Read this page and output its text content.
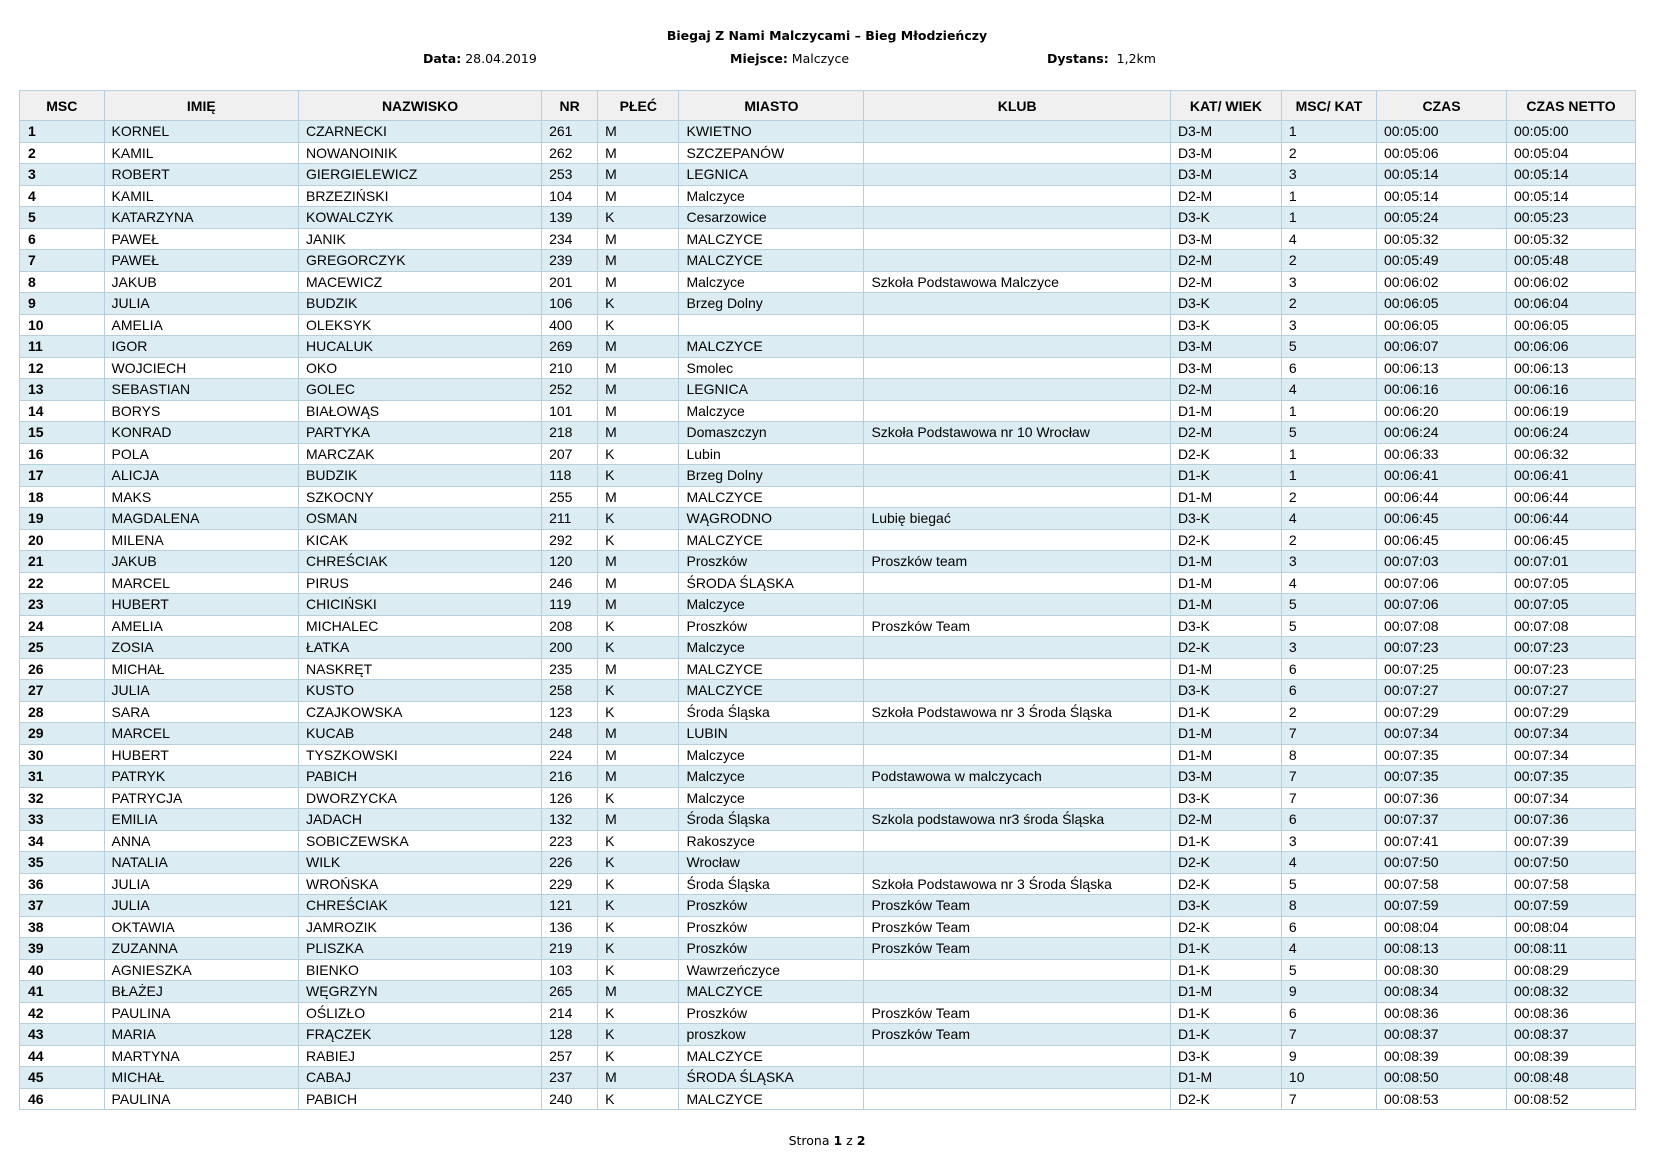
Biegaj Z Nami Malczycami – Bieg Młodzieńczy
Data: 28.04.2019	Miejsce: Malczyce	Dystans: 1,2km
MSC	IMIĘ	NAZWISKO	NR	PŁEĆ	MIASTO	KLUB	KAT/ WIEK	MSC/ KAT	CZAS	CZAS NETTO
1	KORNEL	CZARNECKI	261	M	KWIETNO		D3-M	1	00:05:00	00:05:00
2	KAMIL	NOWANOINIK	262	M	SZCZEPANÓW		D3-M	2	00:05:06	00:05:04
3	ROBERT	GIERGIELEWICZ	253	M	LEGNICA		D3-M	3	00:05:14	00:05:14
4	KAMIL	BRZEZIŃSKI	104	M	Malczyce		D2-M	1	00:05:14	00:05:14
5	KATARZYNA	KOWALCZYK	139	K	Cesarzowice		D3-K	1	00:05:24	00:05:23
6	PAWEŁ	JANIK	234	M	MALCZYCE		D3-M	4	00:05:32	00:05:32
7	PAWEŁ	GREGORCZYK	239	M	MALCZYCE		D2-M	2	00:05:49	00:05:48
8	JAKUB	MACEWICZ	201	M	Malczyce	Szkoła Podstawowa Malczyce	D2-M	3	00:06:02	00:06:02
9	JULIA	BUDZIK	106	K	Brzeg Dolny		D3-K	2	00:06:05	00:06:04
10	AMELIA	OLEKSYK	400	K			D3-K	3	00:06:05	00:06:05
11	IGOR	HUCALUK	269	M	MALCZYCE		D3-M	5	00:06:07	00:06:06
12	WOJCIECH	OKO	210	M	Smolec		D3-M	6	00:06:13	00:06:13
13	SEBASTIAN	GOLEC	252	M	LEGNICA		D2-M	4	00:06:16	00:06:16
14	BORYS	BIAŁOWĄS	101	M	Malczyce		D1-M	1	00:06:20	00:06:19
15	KONRAD	PARTYKA	218	M	Domaszczyn	Szkoła Podstawowa nr 10 Wrocław	D2-M	5	00:06:24	00:06:24
16	POLA	MARCZAK	207	K	Lubin		D2-K	1	00:06:33	00:06:32
17	ALICJA	BUDZIK	118	K	Brzeg Dolny		D1-K	1	00:06:41	00:06:41
18	MAKS	SZKOCNY	255	M	MALCZYCE		D1-M	2	00:06:44	00:06:44
19	MAGDALENA	OSMAN	211	K	WĄGRODNO	Lubię biegać	D3-K	4	00:06:45	00:06:44
20	MILENA	KICAK	292	K	MALCZYCE		D2-K	2	00:06:45	00:06:45
21	JAKUB	CHREŚCIAK	120	M	Proszków	Proszków team	D1-M	3	00:07:03	00:07:01
22	MARCEL	PIRUS	246	M	ŚRODA ŚLĄSKA		D1-M	4	00:07:06	00:07:05
23	HUBERT	CHICIŃSKI	119	M	Malczyce		D1-M	5	00:07:06	00:07:05
24	AMELIA	MICHALEC	208	K	Proszków	Proszków Team	D3-K	5	00:07:08	00:07:08
25	ZOSIA	ŁATKA	200	K	Malczyce		D2-K	3	00:07:23	00:07:23
26	MICHAŁ	NASKRĘT	235	M	MALCZYCE		D1-M	6	00:07:25	00:07:23
27	JULIA	KUSTO	258	K	MALCZYCE		D3-K	6	00:07:27	00:07:27
28	SARA	CZAJKOWSKA	123	K	Środa Śląska	Szkoła Podstawowa nr 3 Środa Śląska	D1-K	2	00:07:29	00:07:29
29	MARCEL	KUCAB	248	M	LUBIN		D1-M	7	00:07:34	00:07:34
30	HUBERT	TYSZKOWSKI	224	M	Malczyce		D1-M	8	00:07:35	00:07:34
31	PATRYK	PABICH	216	M	Malczyce	Podstawowa w malczycach	D3-M	7	00:07:35	00:07:35
32	PATRYCJA	DWORZYCKA	126	K	Malczyce		D3-K	7	00:07:36	00:07:34
33	EMILIA	JADACH	132	M	Środa Śląska	Szkola podstawowa nr3 środa Śląska	D2-M	6	00:07:37	00:07:36
34	ANNA	SOBICZEWSKA	223	K	Rakoszyce		D1-K	3	00:07:41	00:07:39
35	NATALIA	WILK	226	K	Wrocław		D2-K	4	00:07:50	00:07:50
36	JULIA	WROŃSKA	229	K	Środa Śląska	Szkoła Podstawowa nr 3 Środa Śląska	D2-K	5	00:07:58	00:07:58
37	JULIA	CHREŚCIAK	121	K	Proszków	Proszków Team	D3-K	8	00:07:59	00:07:59
38	OKTAWIA	JAMROZIK	136	K	Proszków	Proszków Team	D2-K	6	00:08:04	00:08:04
39	ZUZANNA	PLISZKA	219	K	Proszków	Proszków Team	D1-K	4	00:08:13	00:08:11
40	AGNIESZKA	BIENKO	103	K	Wawrzeńczyce		D1-K	5	00:08:30	00:08:29
41	BŁAŻEJ	WĘGRZYN	265	M	MALCZYCE		D1-M	9	00:08:34	00:08:32
42	PAULINA	OŚLIZŁO	214	K	Proszków	Proszków Team	D1-K	6	00:08:36	00:08:36
43	MARIA	FRĄCZEK	128	K	proszkow	Proszków Team	D1-K	7	00:08:37	00:08:37
44	MARTYNA	RABIEJ	257	K	MALCZYCE		D3-K	9	00:08:39	00:08:39
45	MICHAŁ	CABAJ	237	M	ŚRODA ŚLĄSKA		D1-M	10	00:08:50	00:08:48
46	PAULINA	PABICH	240	K	MALCZYCE		D2-K	7	00:08:53	00:08:52
Strona 1 z 2
